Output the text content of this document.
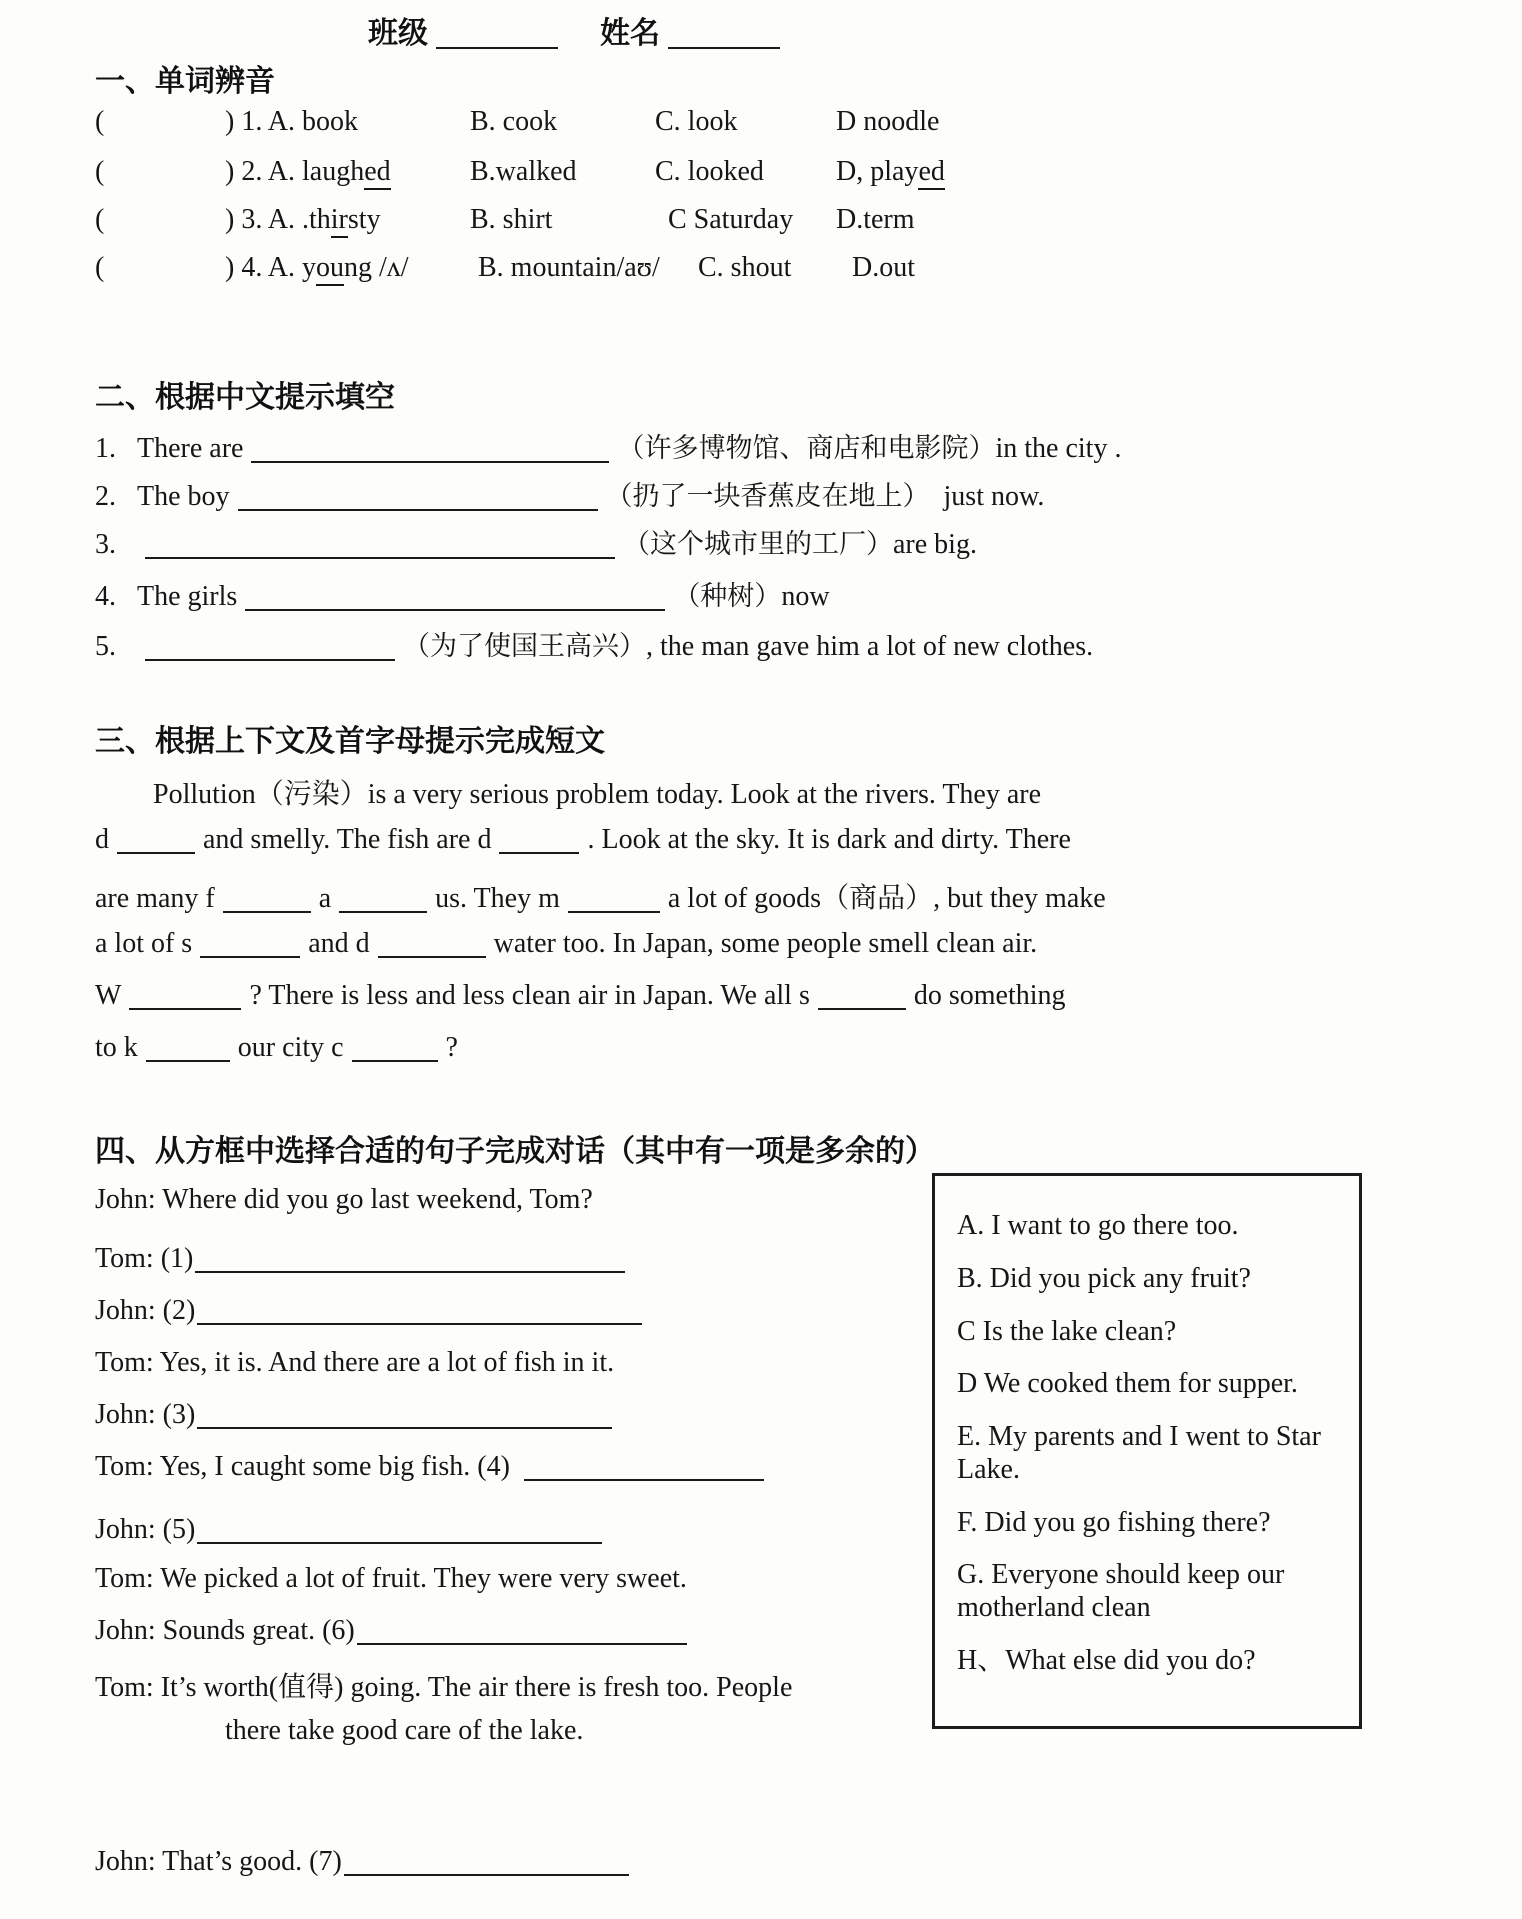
班级	姓名
一、单词辨音
(	) 1. A. book	B. cook	C. look	D noodle
(	) 2. A. laughed	B.walked	C. looked	D, played
(	) 3. A. .thirsty	B. shirt	C Saturday D.term
(	) 4. A. young /ʌ/ B. mountain/aʊ/ C. shout D.out
二、根据中文提示填空
1. There are	（许多博物馆、商店和电影院）in the city .
2. The boy	（扔了一块香蕉皮在地上） just now.
3.	（这个城市里的工厂）are big.
4. The girls	（种树）now
5.	（为了使国王高兴）, the man gave him a lot of new clothes.
三、根据上下文及首字母提示完成短文
Pollution（污染）is a very serious problem today. Look at the rivers. They are
d	and smelly. The fish are d	. Look at the sky. It is dark and dirty. There
are many f	a	us. They m	a lot of goods（商品）, but they make
a lot of s	and d	water too. In Japan, some people smell clean air.
W	? There is less and less clean air in Japan. We all s	do something
to k	our city c	?
四、从方框中选择合适的句子完成对话（其中有一项是多余的）
John: Where did you go last weekend, Tom?
Tom: (1)
John: (2)
Tom: Yes, it is. And there are a lot of fish in it.
John: (3)
Tom: Yes, I caught some big fish. (4)
John: (5)
Tom: We picked a lot of fruit. They were very sweet.
John: Sounds great. (6)
Tom: It’s worth(值得) going. The air there is fresh too. People
there take good care of the lake.
John: That’s good. (7)
A. I want to go there too.
B. Did you pick any fruit?
C Is the lake clean?
D We cooked them for supper.
E. My parents and I went to Star Lake.
F. Did you go fishing there?
G. Everyone should keep our motherland clean
H、What else did you do?
